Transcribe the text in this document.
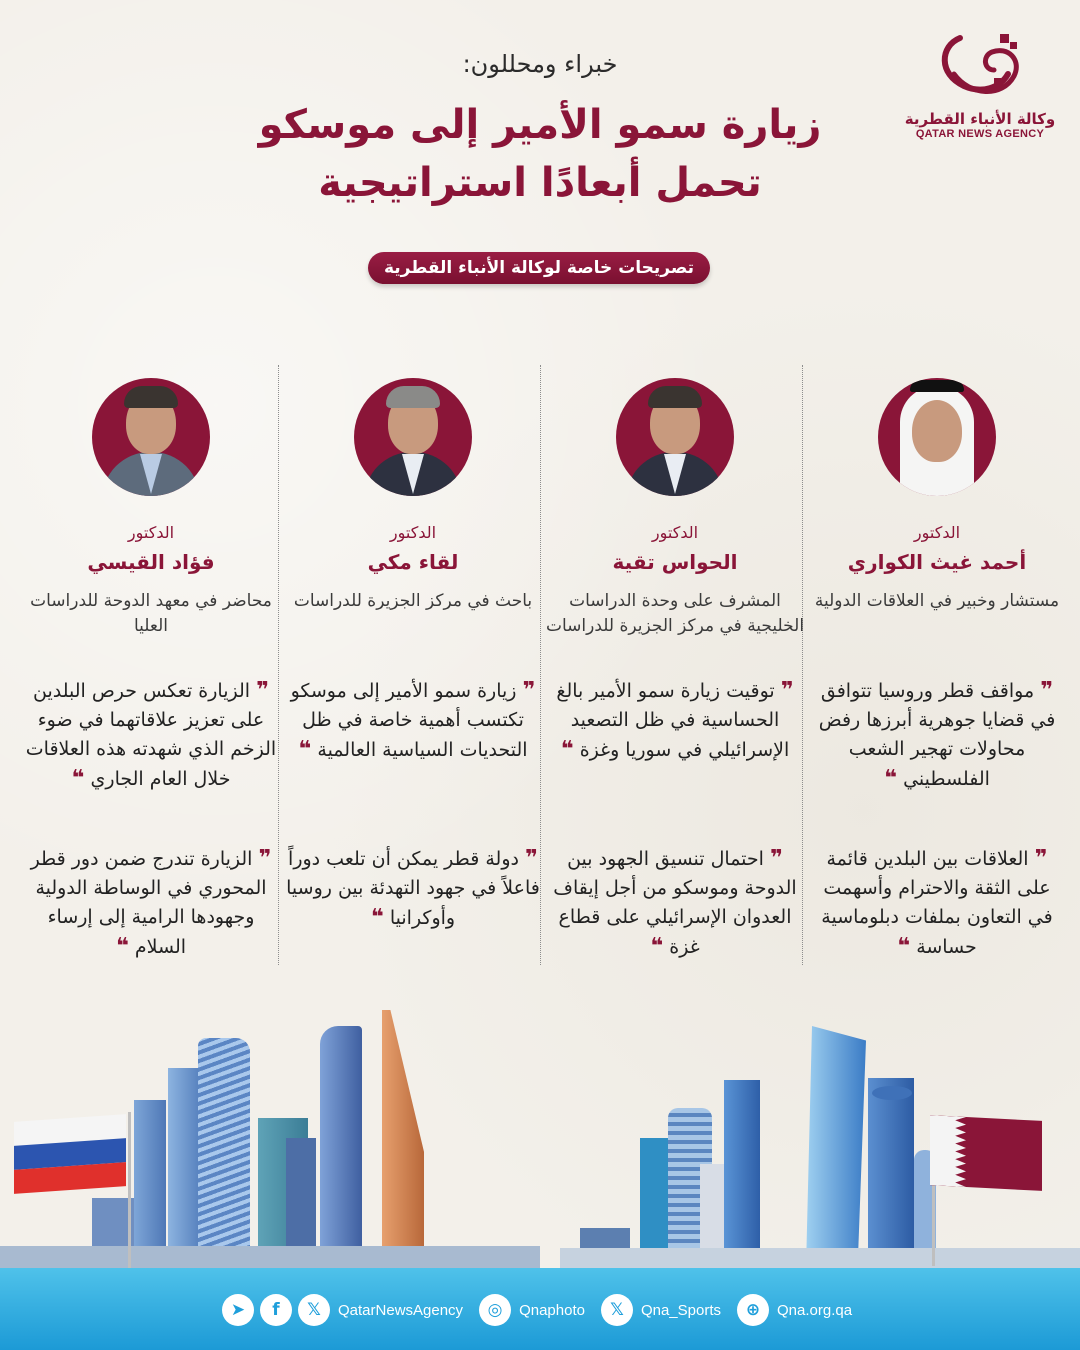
وكالة الأنباء القطرية
QATAR NEWS AGENCY
خبراء ومحللون:
زيارة سمو الأمير إلى موسكو
تحمل أبعادًا استراتيجية
تصريحات خاصة لوكالة الأنباء القطرية
الدكتور
أحمد غيث الكواري
مستشار وخبير في العلاقات الدولية
❞ مواقف قطر وروسيا تتوافق في قضايا جوهرية أبرزها رفض محاولات تهجير الشعب الفلسطيني ❝
❞ العلاقات بين البلدين قائمة على الثقة والاحترام وأسهمت في التعاون بملفات دبلوماسية حساسة ❝
الدكتور
الحواس تقية
المشرف على وحدة الدراسات الخليجية في مركز الجزيرة للدراسات
❞ توقيت زيارة سمو الأمير بالغ الحساسية في ظل التصعيد الإسرائيلي في سوريا وغزة ❝
❞ احتمال تنسيق الجهود بين الدوحة وموسكو من أجل إيقاف العدوان الإسرائيلي على قطاع غزة ❝
الدكتور
لقاء مكي
باحث في مركز الجزيرة للدراسات
❞ زيارة سمو الأمير إلى موسكو تكتسب أهمية خاصة في ظل التحديات السياسية العالمية ❝
❞ دولة قطر يمكن أن تلعب دوراً فاعلاً في جهود التهدئة بين روسيا وأوكرانيا ❝
الدكتور
فؤاد القيسي
محاضر في معهد الدوحة للدراسات العليا
❞ الزيارة تعكس حرص البلدين على تعزيز علاقاتهما في ضوء الزخم الذي شهدته هذه العلاقات خلال العام الجاري ❝
❞ الزيارة تندرج ضمن دور قطر المحوري في الوساطة الدولية وجهودها الرامية إلى إرساء السلام ❝
➤	f	𝕏	QatarNewsAgency	◎	Qnaphoto	𝕏	Qna_Sports	⊕	Qna.org.qa
